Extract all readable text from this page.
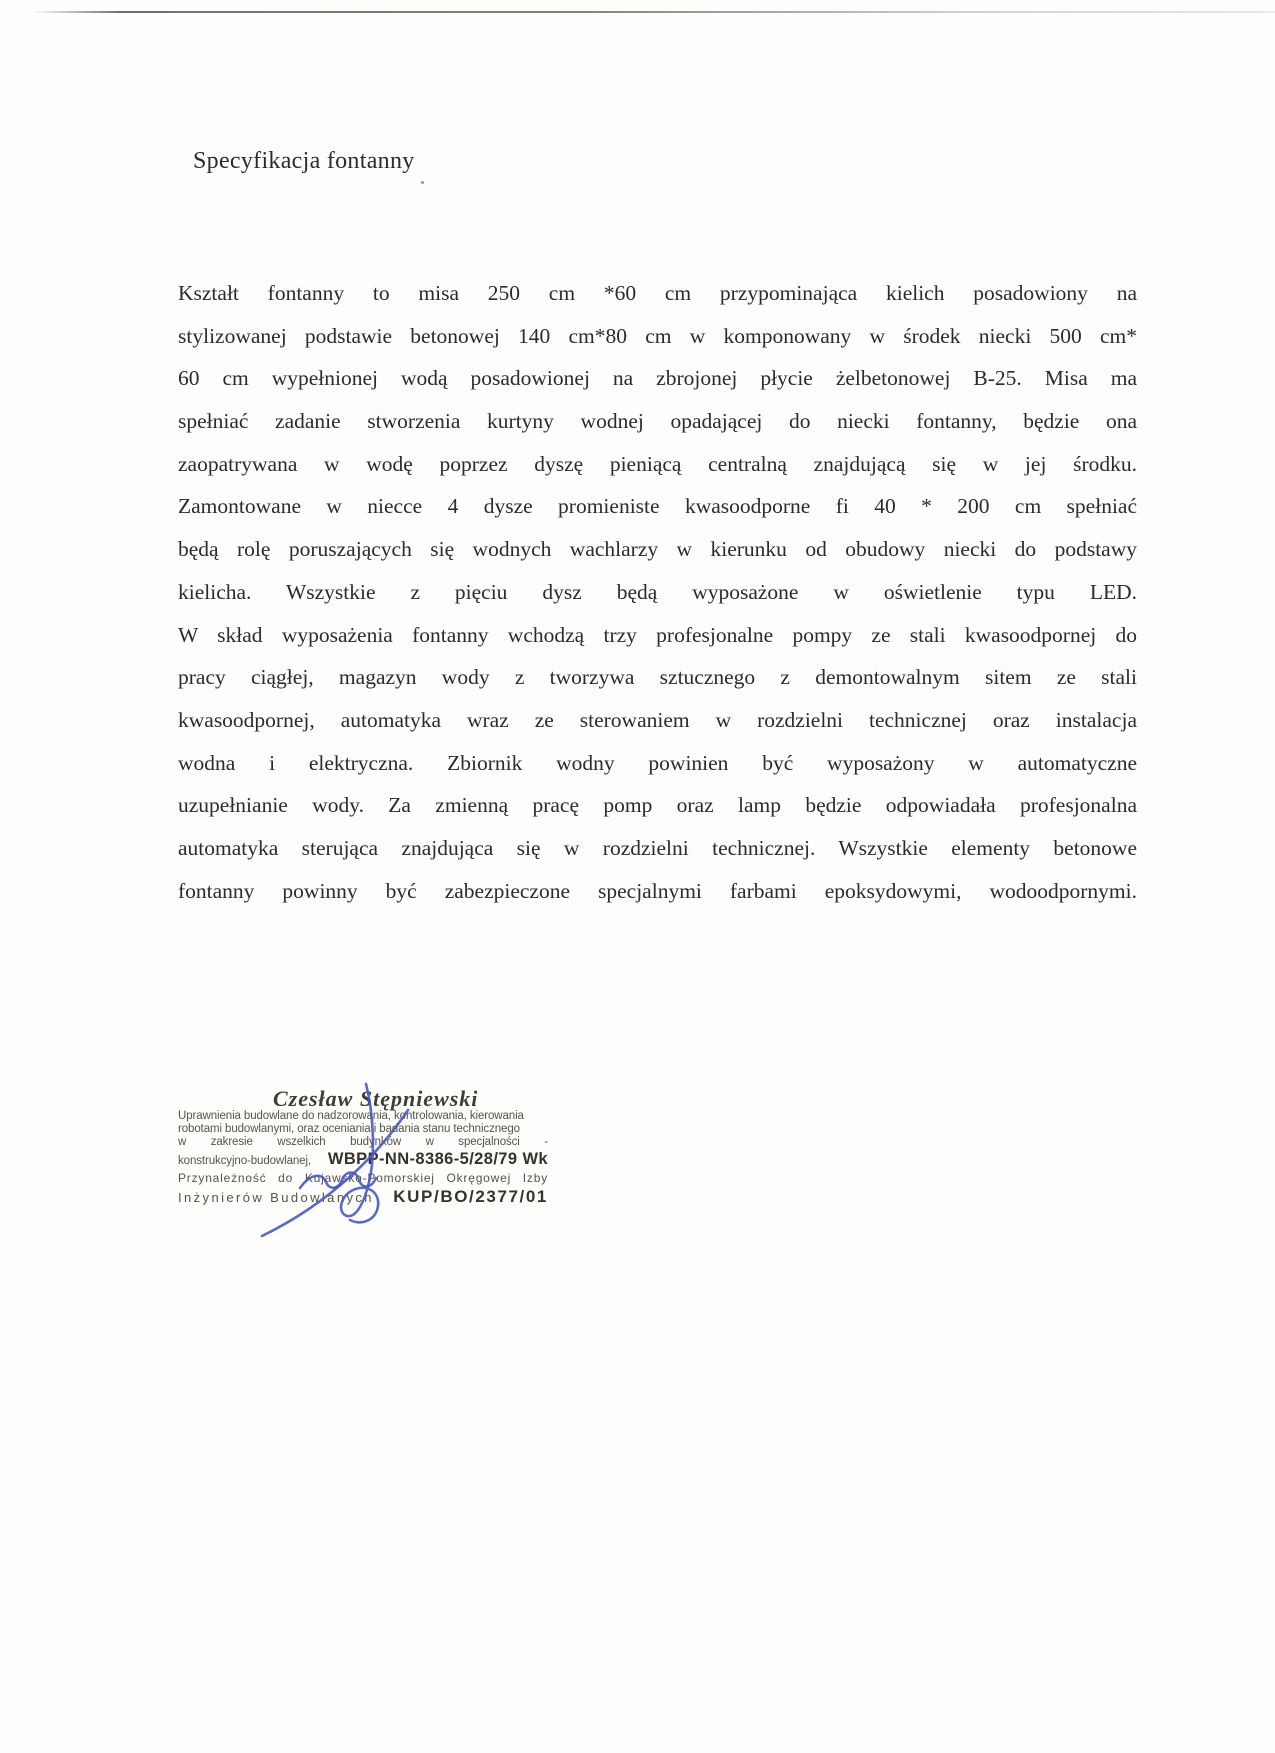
Specyfikacja fontanny
Kształt fontanny to misa 250 cm *60 cm przypominająca kielich posadowiony na
stylizowanej podstawie betonowej 140 cm*80 cm w komponowany w środek niecki 500 cm*
60 cm wypełnionej wodą posadowionej na zbrojonej płycie żelbetonowej B-25. Misa ma
spełniać zadanie stworzenia kurtyny wodnej opadającej do niecki fontanny, będzie ona
zaopatrywana w wodę poprzez dyszę pieniącą centralną znajdującą się w jej środku.
Zamontowane w niecce 4 dysze promieniste kwasoodporne fi 40 * 200 cm spełniać
będą rolę poruszających się wodnych wachlarzy w kierunku od obudowy niecki do podstawy
kielicha. Wszystkie z pięciu dysz będą wyposażone w oświetlenie typu LED.
W skład wyposażenia fontanny wchodzą trzy profesjonalne pompy ze stali kwasoodpornej do
pracy ciągłej, magazyn wody z tworzywa sztucznego z demontowalnym sitem ze stali
kwasoodpornej, automatyka wraz ze sterowaniem w rozdzielni technicznej oraz instalacja
wodna i elektryczna. Zbiornik wodny powinien być wyposażony w automatyczne
uzupełnianie wody. Za zmienną pracę pomp oraz lamp będzie odpowiadała profesjonalna
automatyka sterująca znajdująca się w rozdzielni technicznej. Wszystkie elementy betonowe
fontanny powinny być zabezpieczone specjalnymi farbami epoksydowymi, wodoodpornymi.
Czesław Stępniewski
Uprawnienia budowlane do nadzorowania, kontrolowania, kierowania
robotami budowlanymi, oraz oceniania i badania stanu technicznego
w zakresie wszelkich budynków w specjalności -
konstrukcyjno-budowlanej, WBPP-NN-8386-5/28/79 Wk
Przynależność do Kujawsko-Pomorskiej Okręgowej Izby
Inżynierów Budowlanych KUP/BO/2377/01
